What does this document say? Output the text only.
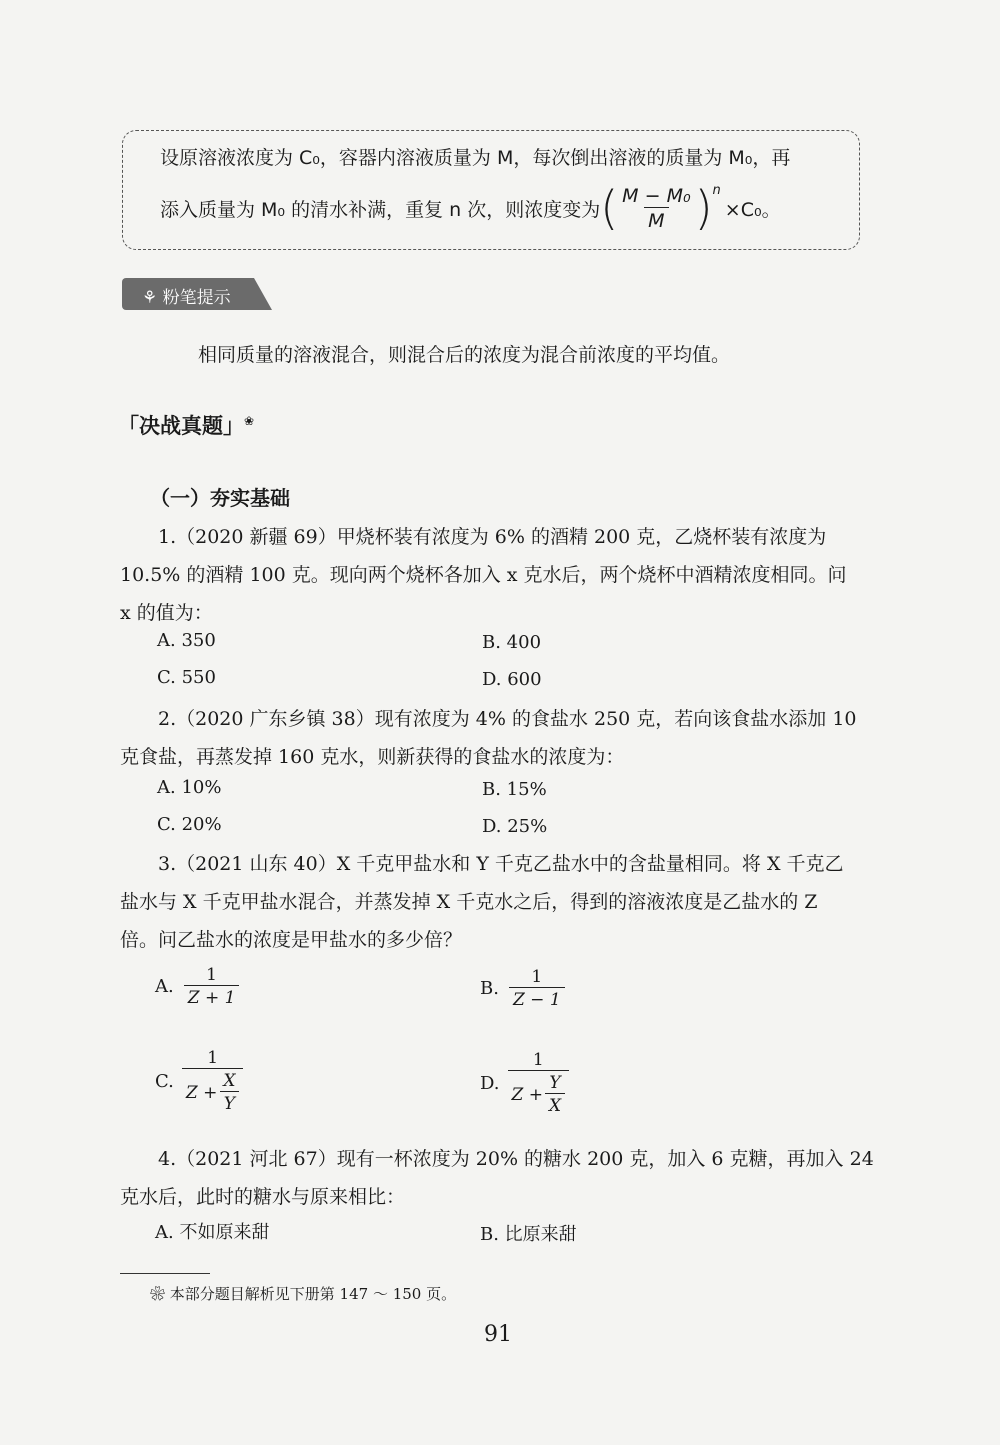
设原溶液浓度为 C₀，容器内溶液质量为 M，每次倒出溶液的质量为 M₀，再
添入质量为 M₀ 的清水补满，重复 n 次，则浓度变为 ( $\frac{\text{M − M₀}}{M} )^n$
×C₀。
⚘ 粉笔提示
相同质量的溶液混合，则混合后的浓度为混合前浓度的平均值。
「决战真题」❀
（一）夯实基础
1.（2020 新疆 69）甲烧杯装有浓度为 6% 的酒精 200 克，乙烧杯装有浓度为
10.5% 的酒精 100 克。现向两个烧杯各加入 x 克水后，两个烧杯中酒精浓度相同。问
x 的值为：
A. 350	B. 400
C. 550	D. 600
2.（2020 广东乡镇 38）现有浓度为 4% 的食盐水 250 克，若向该食盐水添加 10
克食盐，再蒸发掉 160 克水，则新获得的食盐水的浓度为：
A. 10%	B. 15%
C. 20%	D. 25%
3.（2021 山东 40）X 千克甲盐水和 Y 千克乙盐水中的含盐量相同。将 X 千克乙
盐水与 X 千克甲盐水混合，并蒸发掉 X 千克水之后，得到的溶液浓度是乙盐水的 Z
倍。问乙盐水的浓度是甲盐水的多少倍？
A. $\frac{1}{Z + 1}$	B. $\frac{1}{Z - 1}$
C. $\frac{1}{Z + \frac{X}{Y}}$	D. $\frac{1}{Z + \frac{Y}{X}}$
4.（2021 河北 67）现有一杯浓度为 20% 的糖水 200 克，加入 6 克糖，再加入 24
克水后，此时的糖水与原来相比：
A. 不如原来甜	B. 比原来甜
❀ 本部分题目解析见下册第 147 ～ 150 页。
91
